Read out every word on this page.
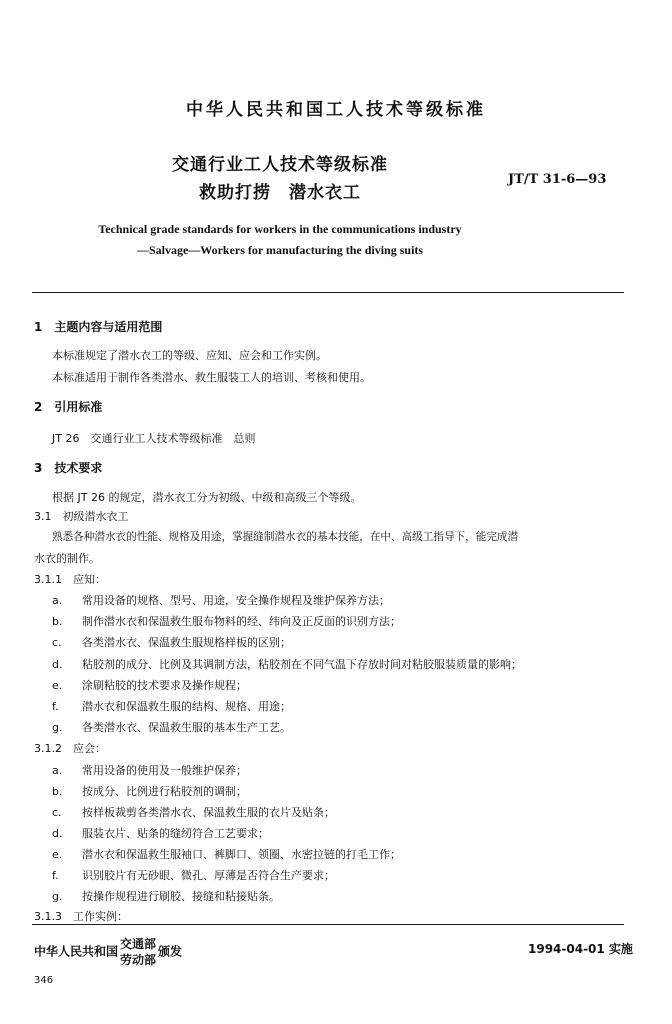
中华人民共和国工人技术等级标准
交通行业工人技术等级标准
救助打捞　潜水衣工
JT/T 31-6—93
Technical grade standards for workers in the communications industry
—Salvage—Workers for manufacturing the diving suits
1　主题内容与适用范围
本标准规定了潜水衣工的等级、应知、应会和工作实例。
本标准适用于制作各类潜水、救生服装工人的培训、考核和使用。
2　引用标准
JT 26　交通行业工人技术等级标准　总则
3　技术要求
根据 JT 26 的规定，潜水衣工分为初级、中级和高级三个等级。
3.1　初级潜水衣工
熟悉各种潜水衣的性能、规格及用途，掌握缝制潜水衣的基本技能，在中、高级工指导下，能完成潜
水衣的制作。
3.1.1　应知：
a. 常用设备的规格、型号、用途，安全操作规程及维护保养方法；
b. 制作潜水衣和保温救生服布物料的经、纬向及正反面的识别方法；
c. 各类潜水衣、保温救生服规格样板的区别；
d. 粘胶剂的成分、比例及其调制方法，粘胶剂在不同气温下存放时间对粘胶服装质量的影响；
e. 涂刷粘胶的技术要求及操作规程；
f. 潜水衣和保温救生服的结构、规格、用途；
g. 各类潜水衣、保温救生服的基本生产工艺。
3.1.2　应会：
a. 常用设备的使用及一般维护保养；
b. 按成分、比例进行粘胶剂的调制；
c. 按样板裁剪各类潜水衣、保温救生服的衣片及贴条；
d. 服装衣片、贴条的缝纫符合工艺要求；
e. 潜水衣和保温救生服袖口、裤脚口、领圈、水密拉链的打毛工作；
f. 识别胶片有无砂眼、微孔、厚薄是否符合生产要求；
g. 按操作规程进行刷胶、接缝和粘接贴条。
3.1.3　工作实例：
中华人民共和国
交通部
劳动部
颁发	1994-04-01 实施
346
